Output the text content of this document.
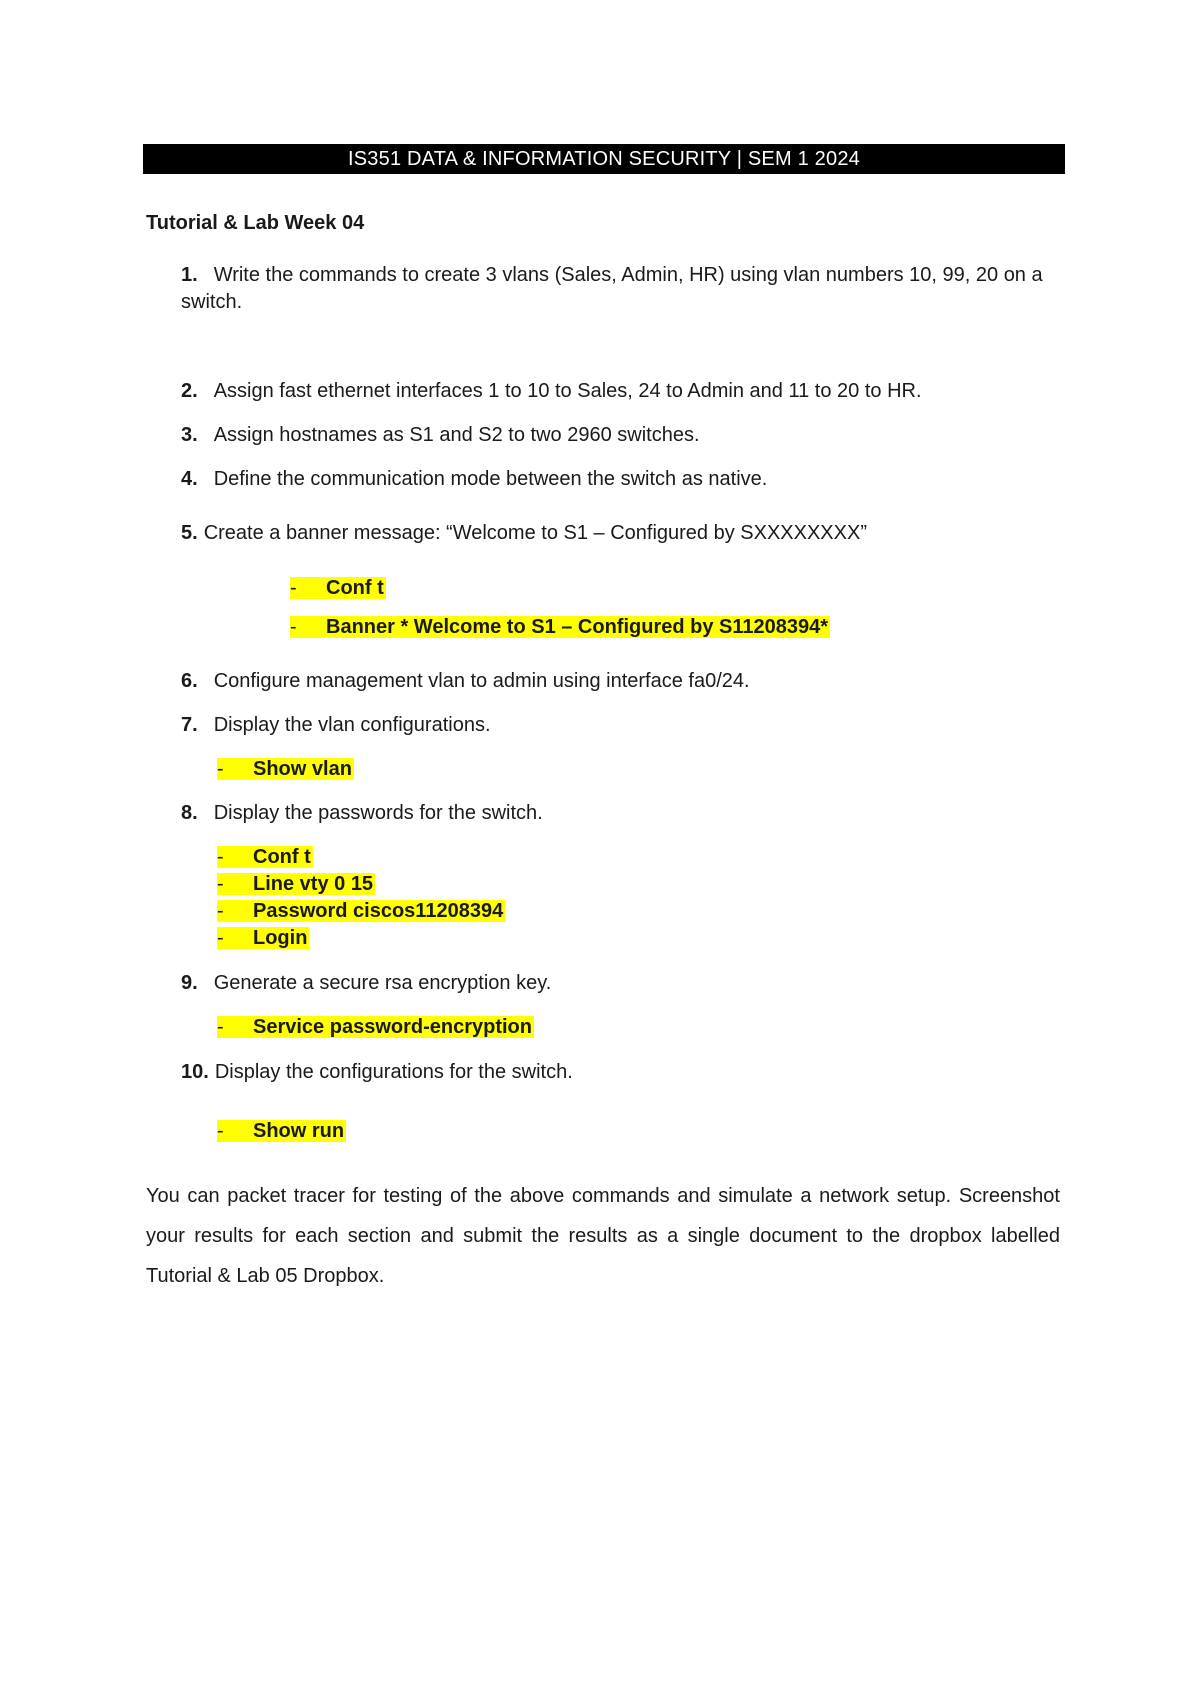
IS351 DATA & INFORMATION SECURITY | SEM 1 2024
Tutorial & Lab Week 04
1. Write the commands to create 3 vlans (Sales, Admin, HR) using vlan numbers 10, 99, 20 on a switch.
2. Assign fast ethernet interfaces 1 to 10 to Sales, 24 to Admin and 11 to 20 to HR.
3. Assign hostnames as S1 and S2 to two 2960 switches.
4. Define the communication mode between the switch as native.
5. Create a banner message: “Welcome to S1 – Configured by SXXXXXXXX”
- Conf t
- Banner * Welcome to S1 – Configured by S11208394*
6. Configure management vlan to admin using interface fa0/24.
7. Display the vlan configurations.
- Show vlan
8. Display the passwords for the switch.
- Conf t
- Line vty 0 15
- Password ciscos11208394
- Login
9. Generate a secure rsa encryption key.
- Service password-encryption
10. Display the configurations for the switch.
- Show run
You can packet tracer for testing of the above commands and simulate a network setup. Screenshot your results for each section and submit the results as a single document to the dropbox labelled Tutorial & Lab 05 Dropbox.
